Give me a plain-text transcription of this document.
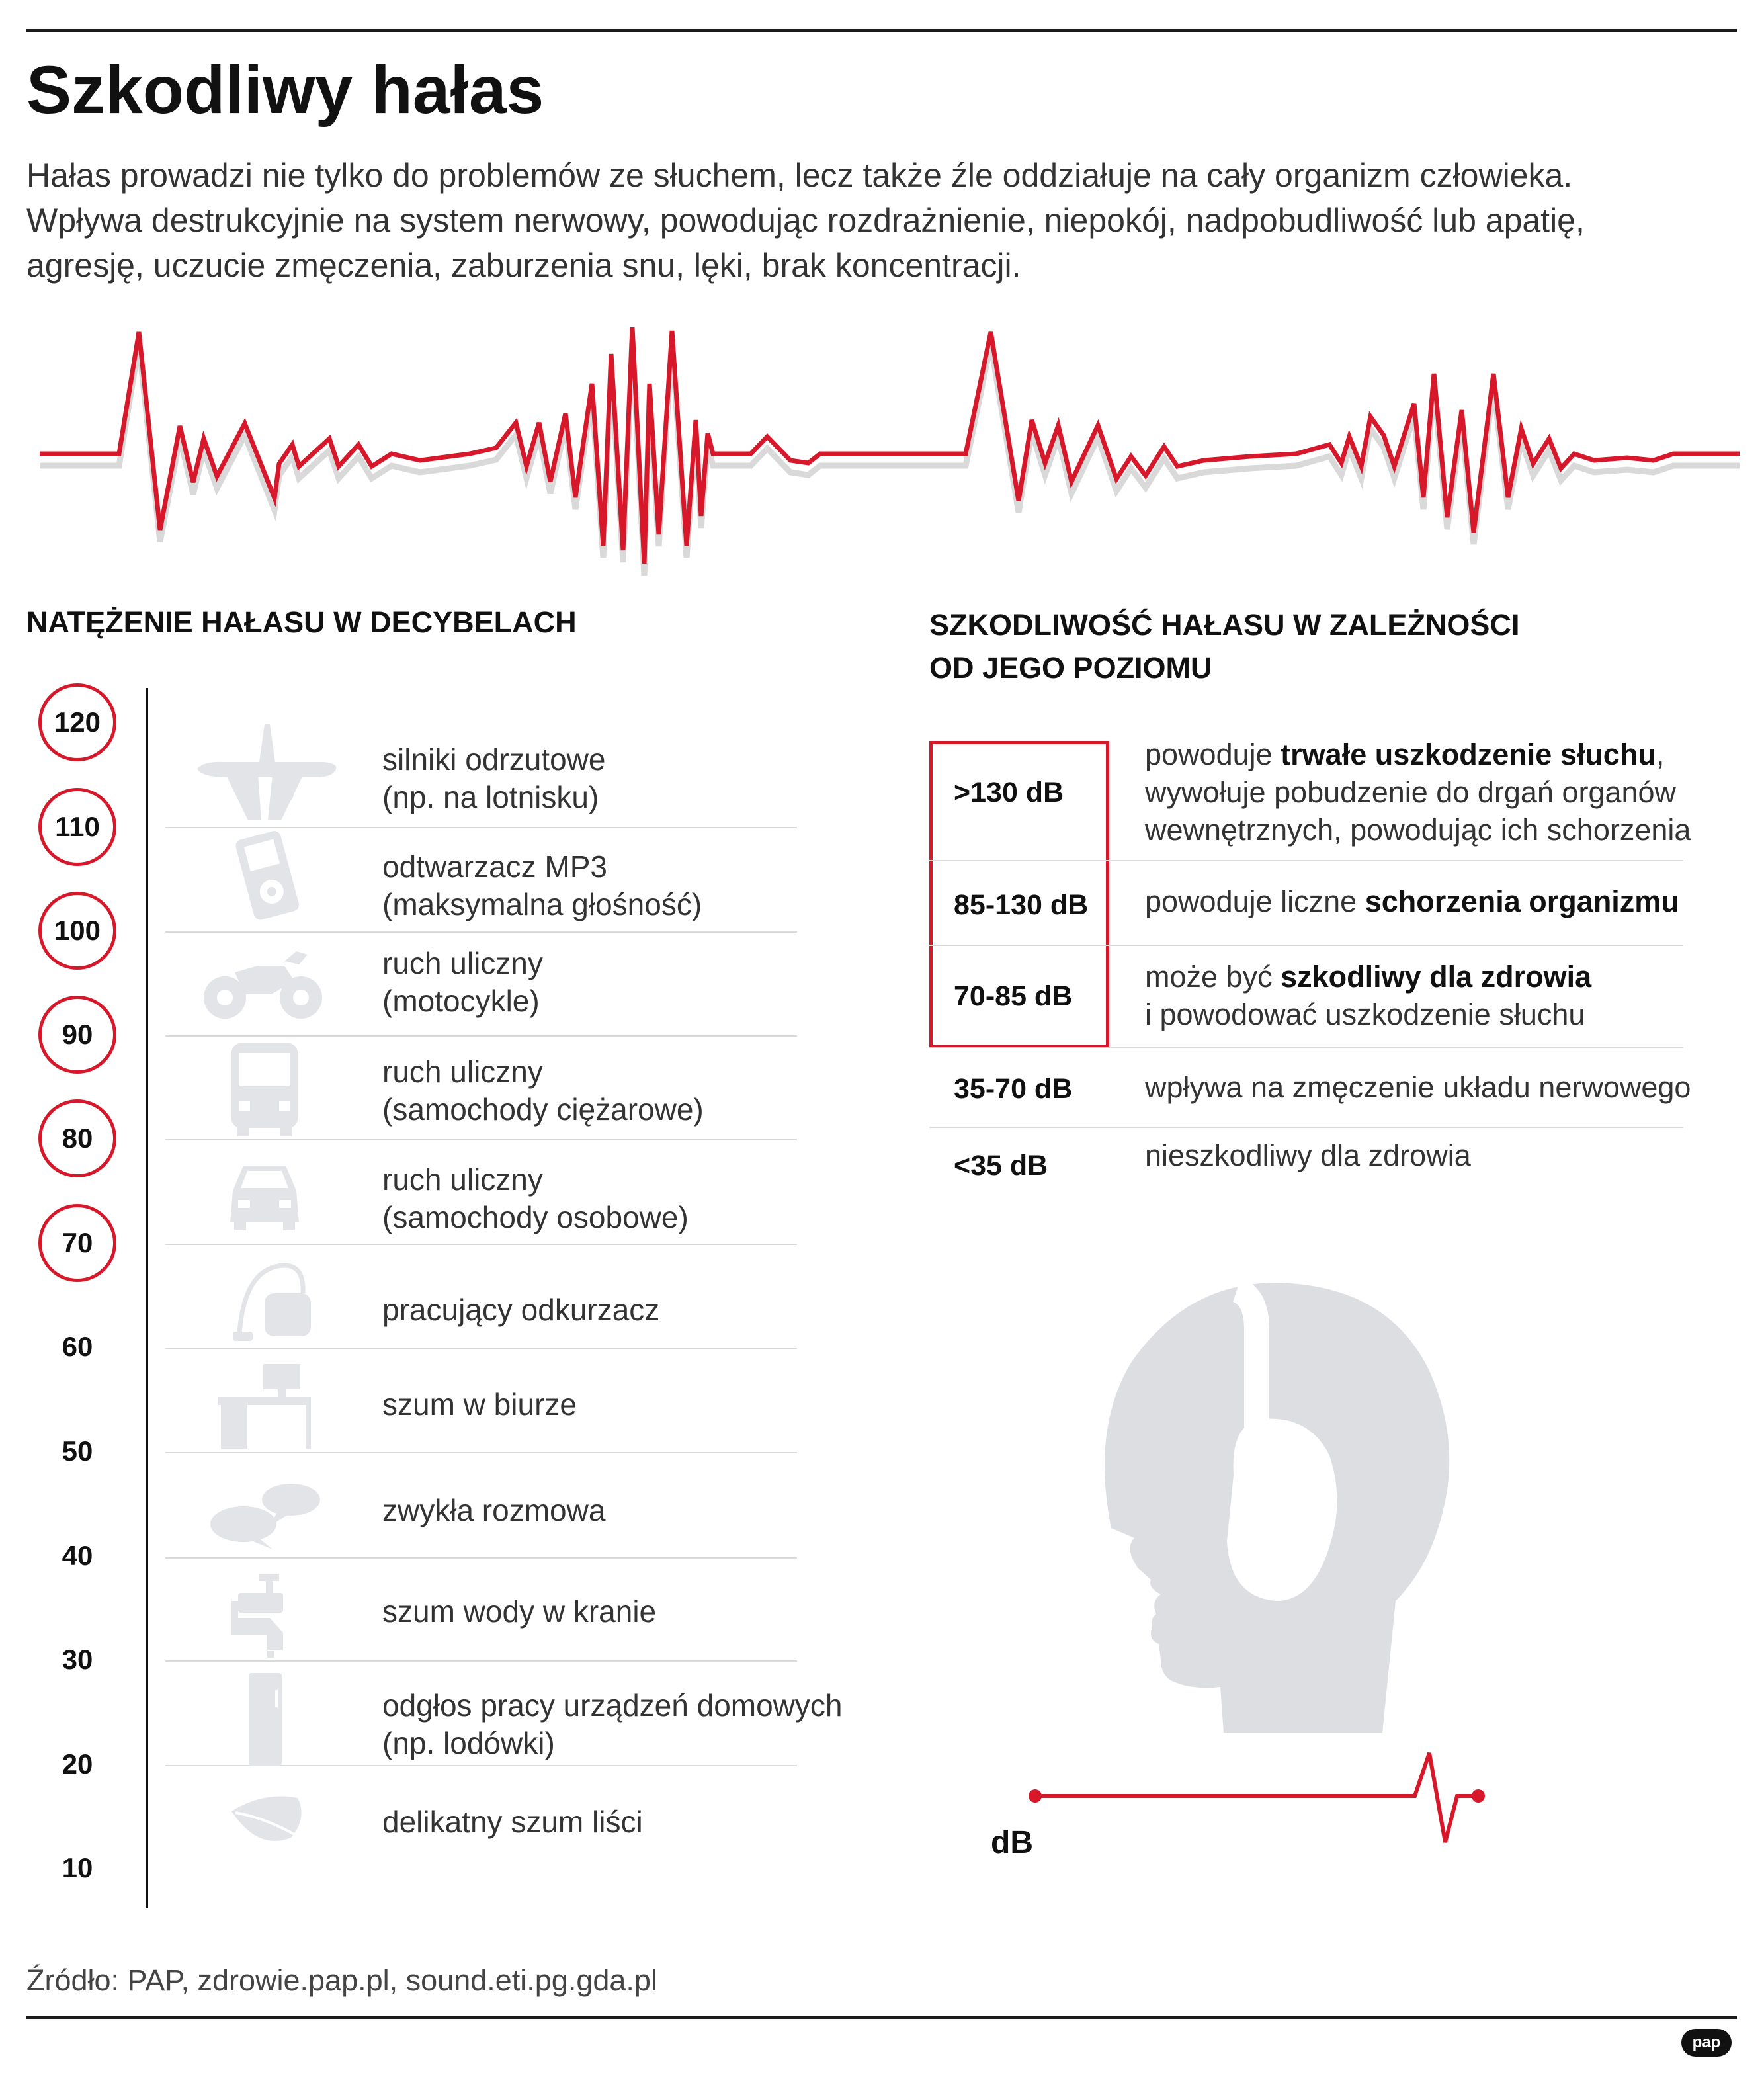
Szkodliwy hałas
Hałas prowadzi nie tylko do problemów ze słuchem, lecz także źle oddziałuje na cały organizm człowieka.
Wpływa destrukcyjnie na system nerwowy, powodując rozdrażnienie, niepokój, nadpobudliwość lub apatię,
agresję, uczucie zmęczenia, zaburzenia snu, lęki, brak koncentracji.
NATĘŻENIE HAŁASU W DECYBELACH
120
110
100
90
80
70
60
50
40
30
20
10
silniki odrzutowe
(np. na lotnisku)
odtwarzacz MP3
(maksymalna głośność)
ruch uliczny
(motocykle)
ruch uliczny
(samochody ciężarowe)
ruch uliczny
(samochody osobowe)
pracujący odkurzacz
szum w biurze
zwykła rozmowa
szum wody w kranie
odgłos pracy urządzeń domowych
(np. lodówki)
delikatny szum liści
SZKODLIWOŚĆ HAŁASU W ZALEŻNOŚCI
OD JEGO POZIOMU
>130 dB
powoduje trwałe uszkodzenie słuchu,
wywołuje pobudzenie do drgań organów
wewnętrznych, powodując ich schorzenia
85-130 dB powoduje liczne schorzenia organizmu
70-85 dB
może być szkodliwy dla zdrowia
i powodować uszkodzenie słuchu
35-70 dB wpływa na zmęczenie układu nerwowego
<35 dB	nieszkodliwy dla zdrowia
dB
Źródło: PAP, zdrowie.pap.pl, sound.eti.pg.gda.pl
pap
